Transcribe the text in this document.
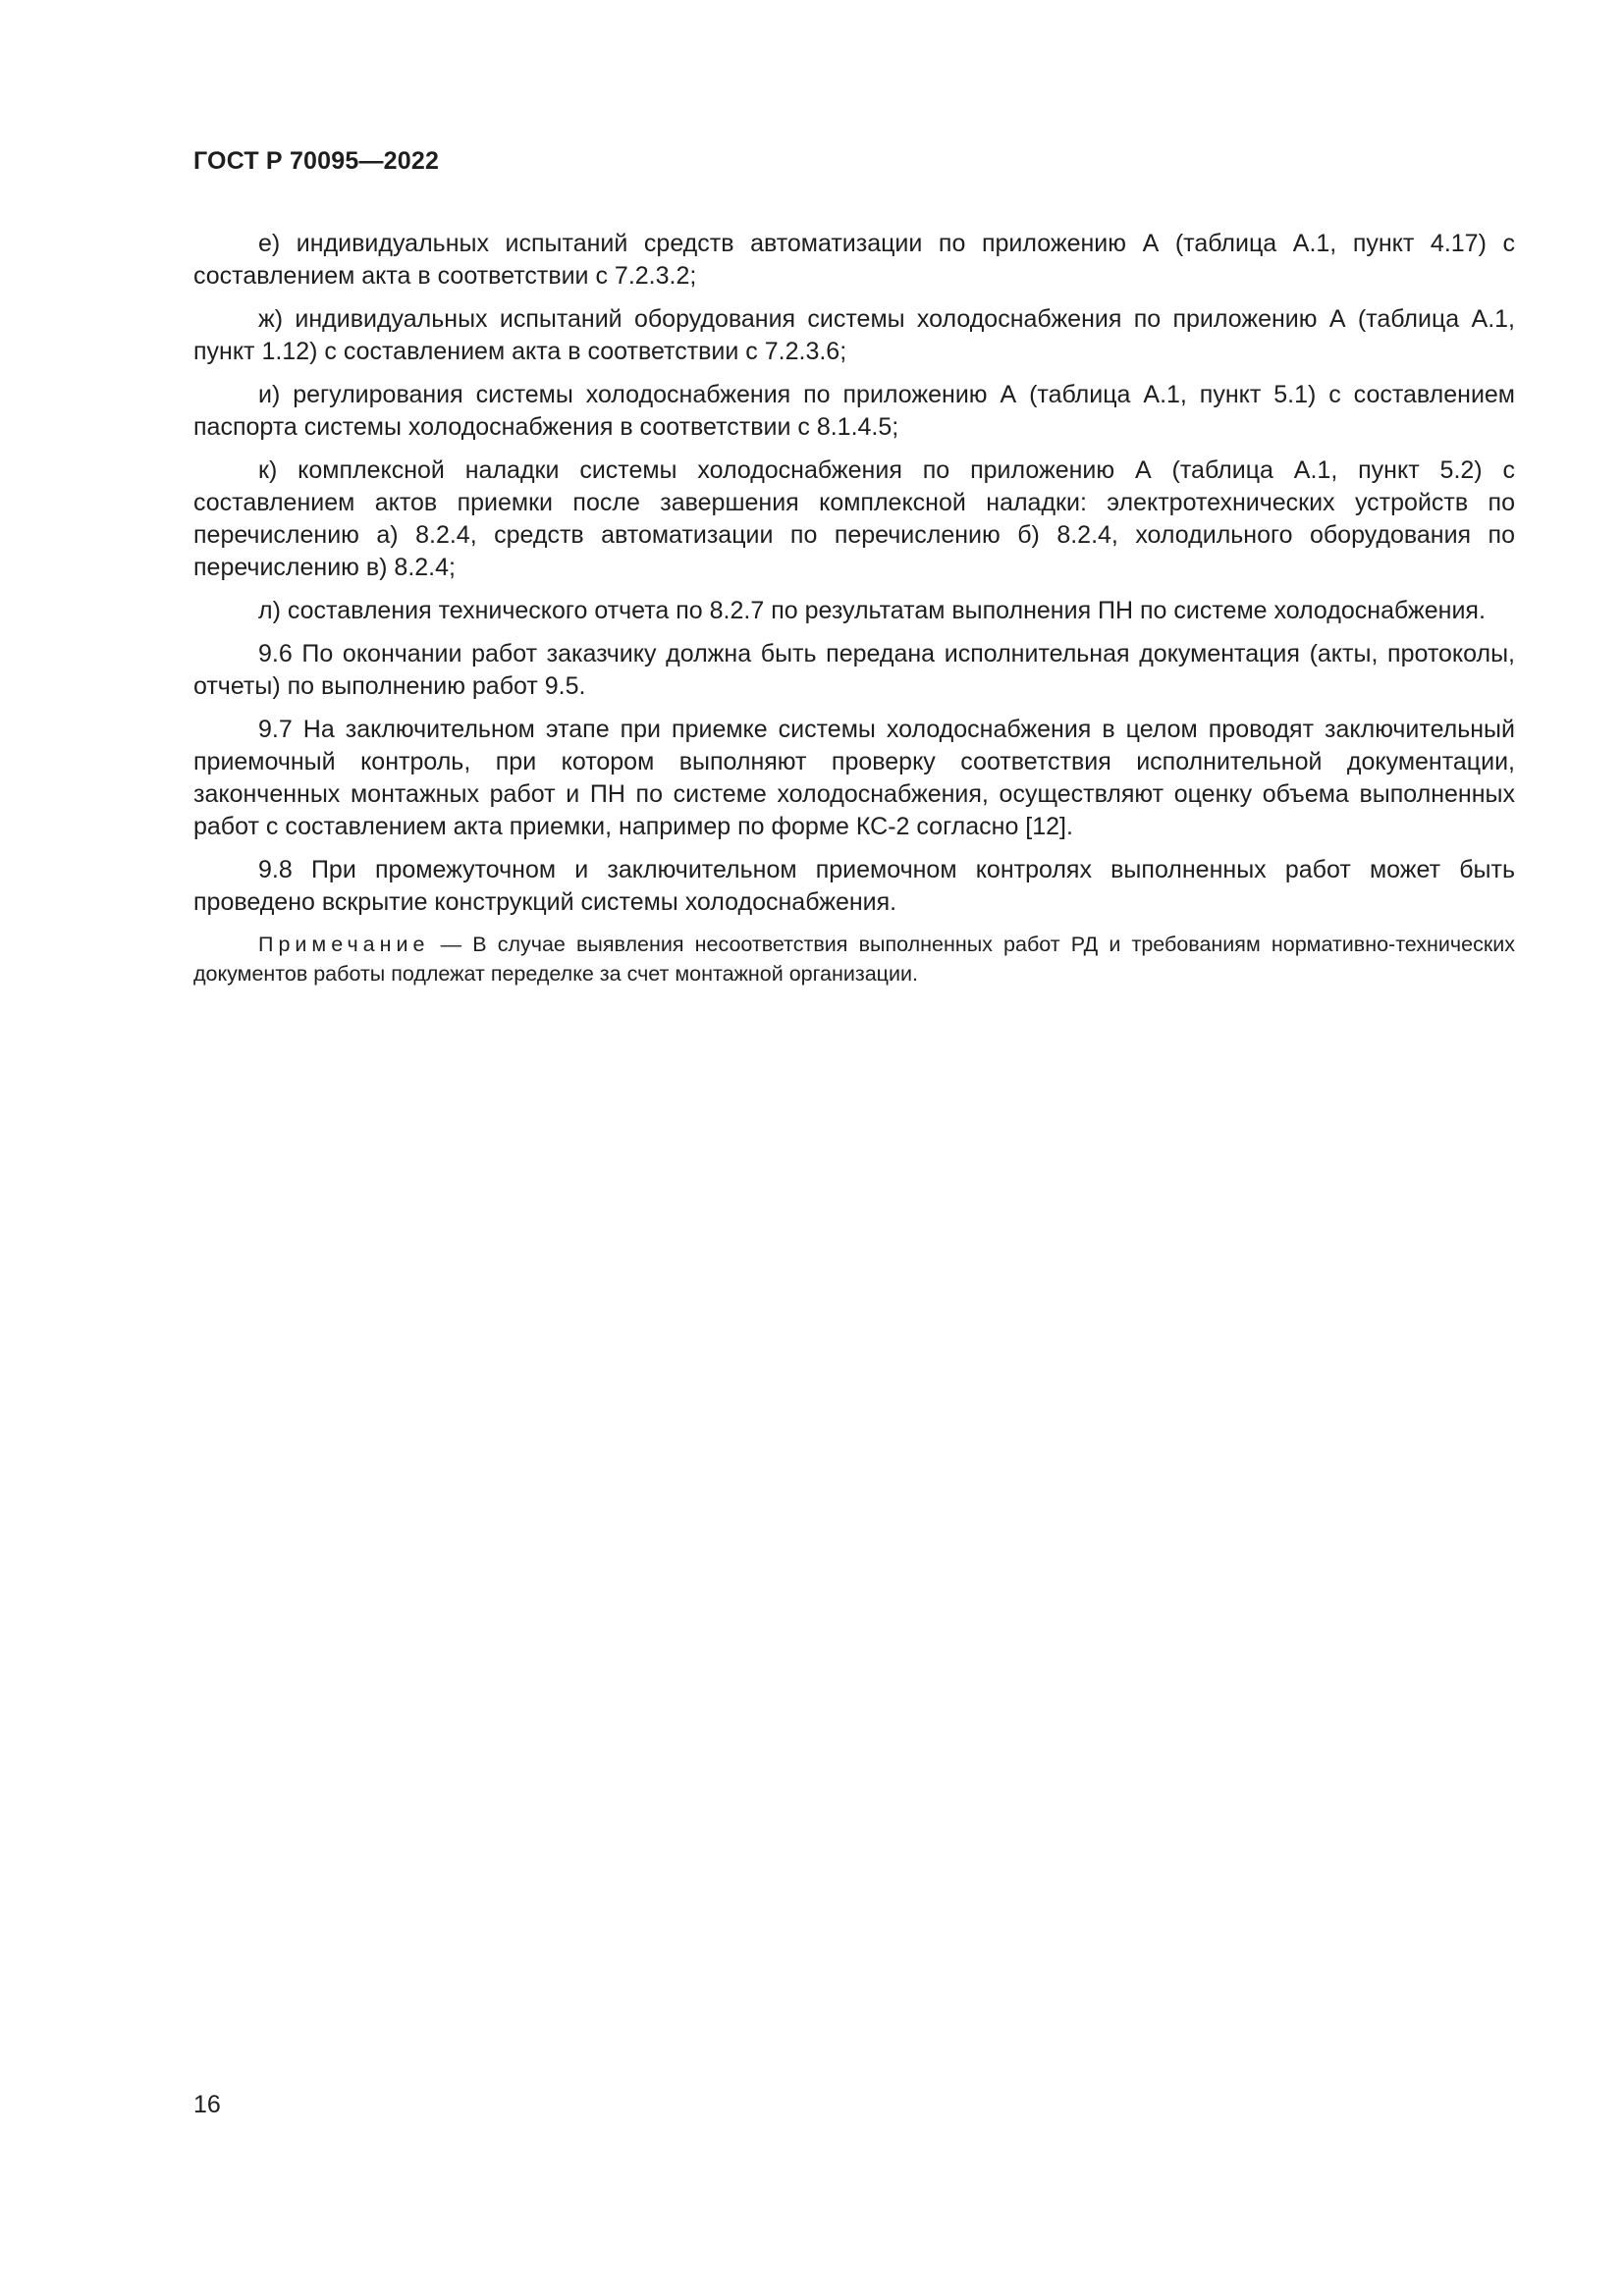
ГОСТ Р 70095—2022

е) индивидуальных испытаний средств автоматизации по приложению А (таблица А.1, пункт 4.17) с составлением акта в соответствии с 7.2.3.2;

ж) индивидуальных испытаний оборудования системы холодоснабжения по приложению А (таблица А.1, пункт 1.12) с составлением акта в соответствии с 7.2.3.6;

и) регулирования системы холодоснабжения по приложению А (таблица А.1, пункт 5.1) с составлением паспорта системы холодоснабжения в соответствии с 8.1.4.5;

к) комплексной наладки системы холодоснабжения по приложению А (таблица А.1, пункт 5.2) с составлением актов приемки после завершения комплексной наладки: электротехнических устройств по перечислению а) 8.2.4, средств автоматизации по перечислению б) 8.2.4, холодильного оборудования по перечислению в) 8.2.4;

л) составления технического отчета по 8.2.7 по результатам выполнения ПН по системе холодоснабжения.

9.6 По окончании работ заказчику должна быть передана исполнительная документация (акты, протоколы, отчеты) по выполнению работ 9.5.

9.7 На заключительном этапе при приемке системы холодоснабжения в целом проводят заключительный приемочный контроль, при котором выполняют проверку соответствия исполнительной документации, законченных монтажных работ и ПН по системе холодоснабжения, осуществляют оценку объема выполненных работ с составлением акта приемки, например по форме КС-2 согласно [12].

9.8 При промежуточном и заключительном приемочном контролях выполненных работ может быть проведено вскрытие конструкций системы холодоснабжения.

Примечание — В случае выявления несоответствия выполненных работ РД и требованиям нормативно-технических документов работы подлежат переделке за счет монтажной организации.

16
